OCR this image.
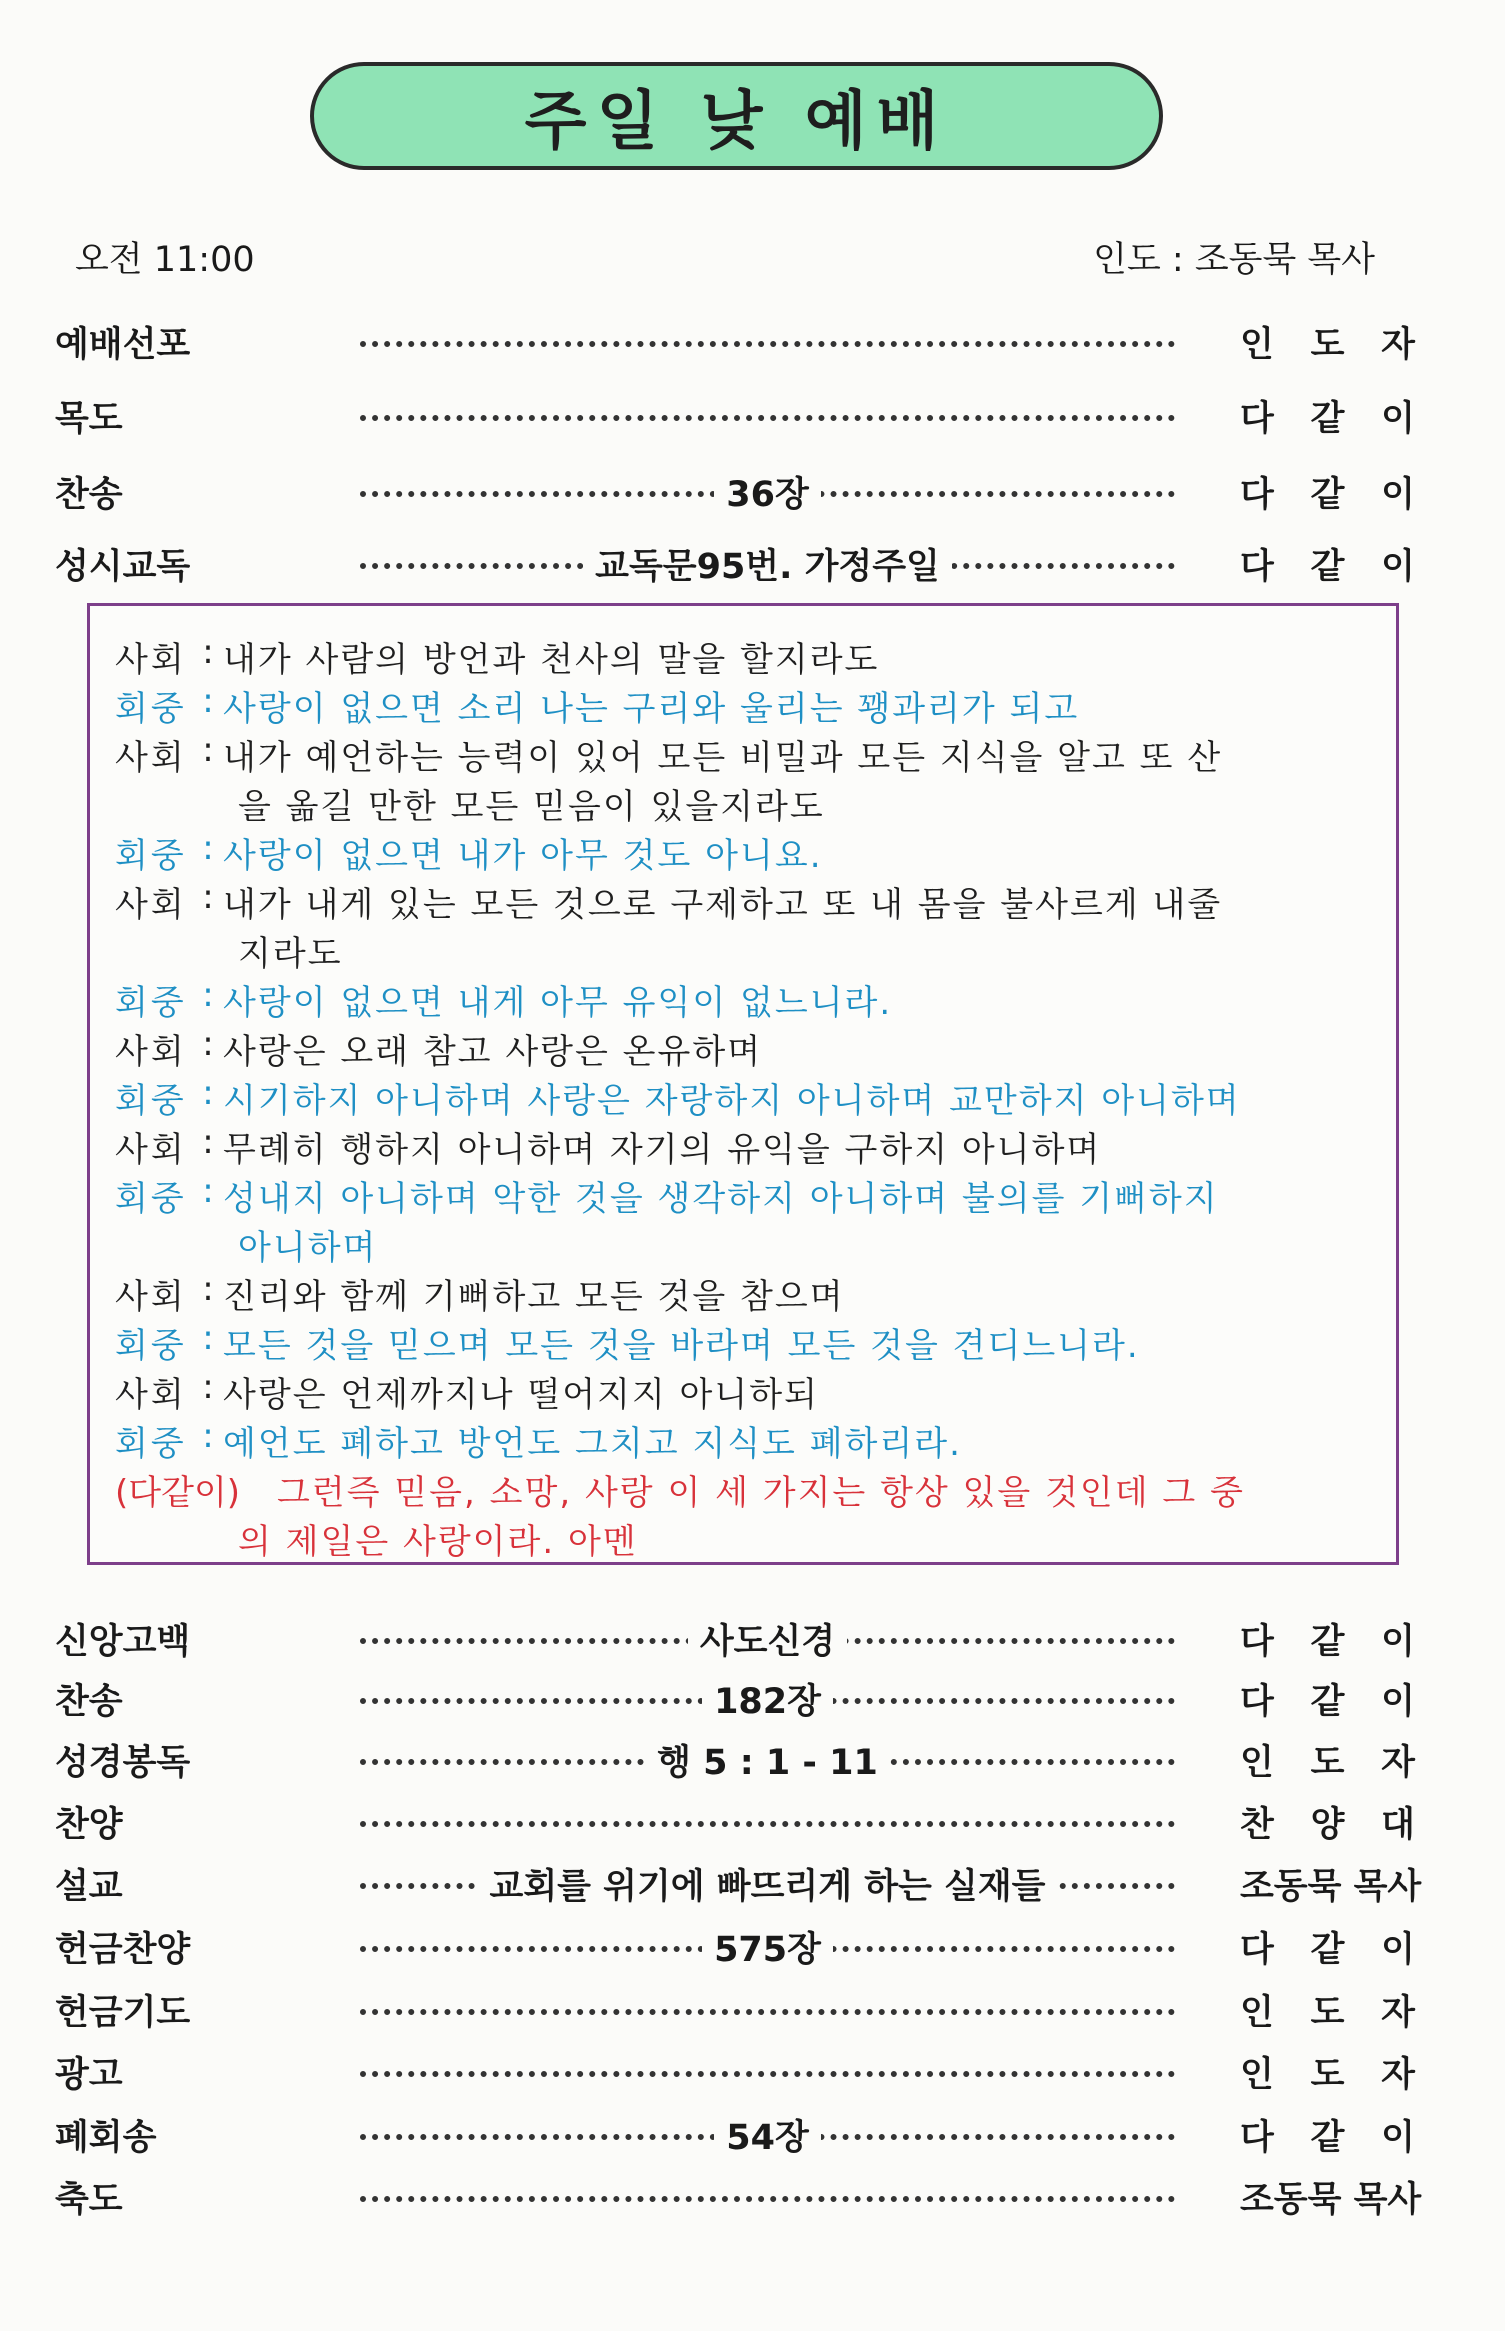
주일 낮 예배
오전 11:00	인도 : 조동묵 목사
예배선포	인 도 자
목도	다 같 이
찬송	36장	다 같 이
성시교독	교독문95번. 가정주일	다 같 이
사회 : 내가 사람의 방언과 천사의 말을 할지라도
회중 : 사랑이 없으면 소리 나는 구리와 울리는 꽹과리가 되고
사회 : 내가 예언하는 능력이 있어 모든 비밀과 모든 지식을 알고 또 산
을 옮길 만한 모든 믿음이 있을지라도
회중 : 사랑이 없으면 내가 아무 것도 아니요.
사회 : 내가 내게 있는 모든 것으로 구제하고 또 내 몸을 불사르게 내줄
지라도
회중 : 사랑이 없으면 내게 아무 유익이 없느니라.
사회 : 사랑은 오래 참고 사랑은 온유하며
회중 : 시기하지 아니하며 사랑은 자랑하지 아니하며 교만하지 아니하며
사회 : 무례히 행하지 아니하며 자기의 유익을 구하지 아니하며
회중 : 성내지 아니하며 악한 것을 생각하지 아니하며 불의를 기뻐하지
아니하며
사회 : 진리와 함께 기뻐하고 모든 것을 참으며
회중 : 모든 것을 믿으며 모든 것을 바라며 모든 것을 견디느니라.
사회 : 사랑은 언제까지나 떨어지지 아니하되
회중 : 예언도 폐하고 방언도 그치고 지식도 폐하리라.
(다같이) 그런즉 믿음, 소망, 사랑 이 세 가지는 항상 있을 것인데 그 중
의 제일은 사랑이라. 아멘
신앙고백	사도신경	다 같 이
찬송	182장	다 같 이
성경봉독	행 5 : 1 - 11	인 도 자
찬양	찬 양 대
설교	교회를 위기에 빠뜨리게 하는 실재들	조동묵 목사
헌금찬양	575장	다 같 이
헌금기도	인 도 자
광고	인 도 자
폐회송	54장	다 같 이
축도	조동묵 목사
